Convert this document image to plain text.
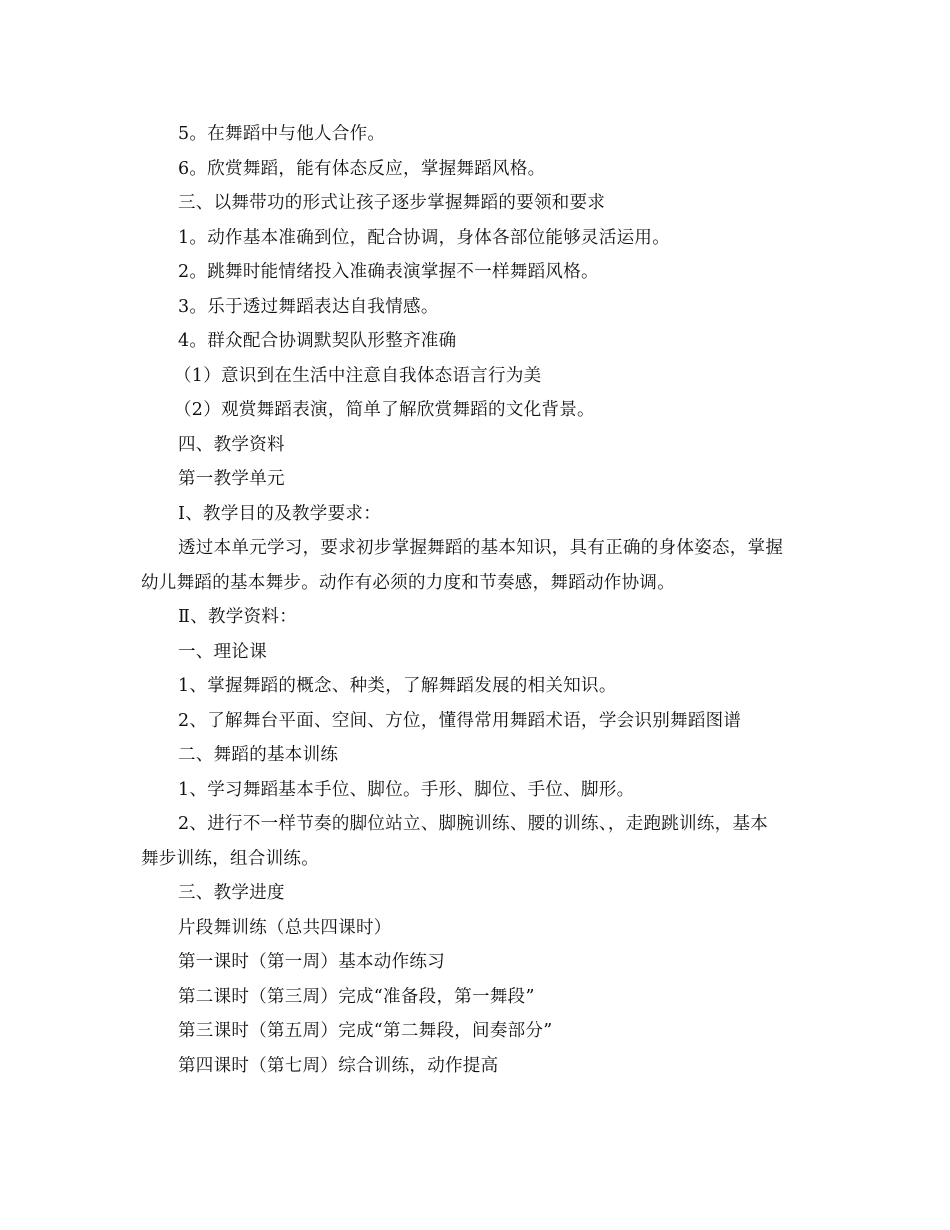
5。在舞蹈中与他人合作。
6。欣赏舞蹈，能有体态反应，掌握舞蹈风格。
三、以舞带功的形式让孩子逐步掌握舞蹈的要领和要求
1。动作基本准确到位，配合协调，身体各部位能够灵活运用。
2。跳舞时能情绪投入准确表演掌握不一样舞蹈风格。
3。乐于透过舞蹈表达自我情感。
4。群众配合协调默契队形整齐准确
（1）意识到在生活中注意自我体态语言行为美
（2）观赏舞蹈表演，简单了解欣赏舞蹈的文化背景。
四、教学资料
第一教学单元
Ⅰ、教学目的及教学要求：
透过本单元学习，要求初步掌握舞蹈的基本知识，具有正确的身体姿态，掌握
幼儿舞蹈的基本舞步。动作有必须的力度和节奏感，舞蹈动作协调。
Ⅱ、教学资料：
一、理论课
1、掌握舞蹈的概念、种类，了解舞蹈发展的相关知识。
2、了解舞台平面、空间、方位，懂得常用舞蹈术语，学会识别舞蹈图谱
二、舞蹈的基本训练
1、学习舞蹈基本手位、脚位。手形、脚位、手位、脚形。
2、进行不一样节奏的脚位站立、脚腕训练、腰的训练、，走跑跳训练，基本
舞步训练，组合训练。
三、教学进度
片段舞训练（总共四课时）
第一课时（第一周）基本动作练习
第二课时（第三周）完成“准备段，第一舞段”
第三课时（第五周）完成“第二舞段，间奏部分”
第四课时（第七周）综合训练，动作提高
